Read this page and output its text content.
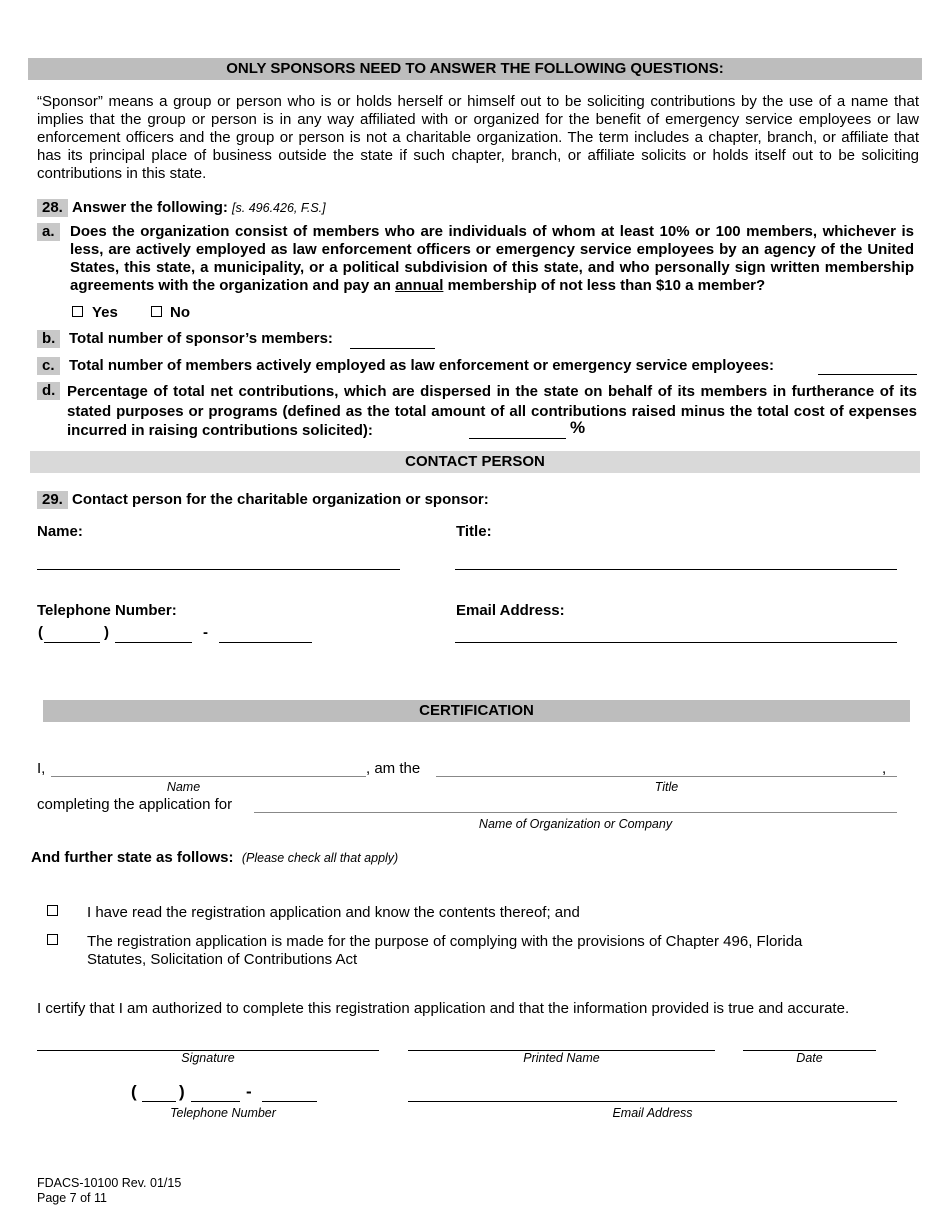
ONLY SPONSORS NEED TO ANSWER THE FOLLOWING QUESTIONS:
“Sponsor” means a group or person who is or holds herself or himself out to be soliciting contributions by the use of a name that implies that the group or person is in any way affiliated with or organized for the benefit of emergency service employees or law enforcement officers and the group or person is not a charitable organization. The term includes a chapter, branch, or affiliate that has its principal place of business outside the state if such chapter, branch, or affiliate solicits or holds itself out to be soliciting contributions in this state.
28. Answer the following: [s. 496.426, F.S.]
a.	Does the organization consist of members who are individuals of whom at least 10% or 100 members, whichever is less, are actively employed as law enforcement officers or emergency service employees by an agency of the United States, this state, a municipality, or a political subdivision of this state, and who personally sign written membership agreements with the organization and pay an annual membership of not less than $10 a member?
Yes	No
b. Total number of sponsor’s members:
c. Total number of members actively employed as law enforcement or emergency service employees:
d. Percentage of total net contributions, which are dispersed in the state on behalf of its members in furtherance of its stated purposes or programs (defined as the total amount of all contributions raised minus the total cost of expenses incurred in raising contributions solicited):	%
CONTACT PERSON
29. Contact person for the charitable organization or sponsor:
Name:	Title:
Telephone Number:
(	)	-
Email Address:
CERTIFICATION
I,	, am the	,
Name	Title
completing the application for
Name of Organization or Company
And further state as follows: (Please check all that apply)
I have read the registration application and know the contents thereof; and
The registration application is made for the purpose of complying with the provisions of Chapter 496, Florida Statutes, Solicitation of Contributions Act
I certify that I am authorized to complete this registration application and that the information provided is true and accurate.
Signature	Printed Name	Date
( )	-
Telephone Number	Email Address
FDACS-10100 Rev. 01/15
Page 7 of 11
